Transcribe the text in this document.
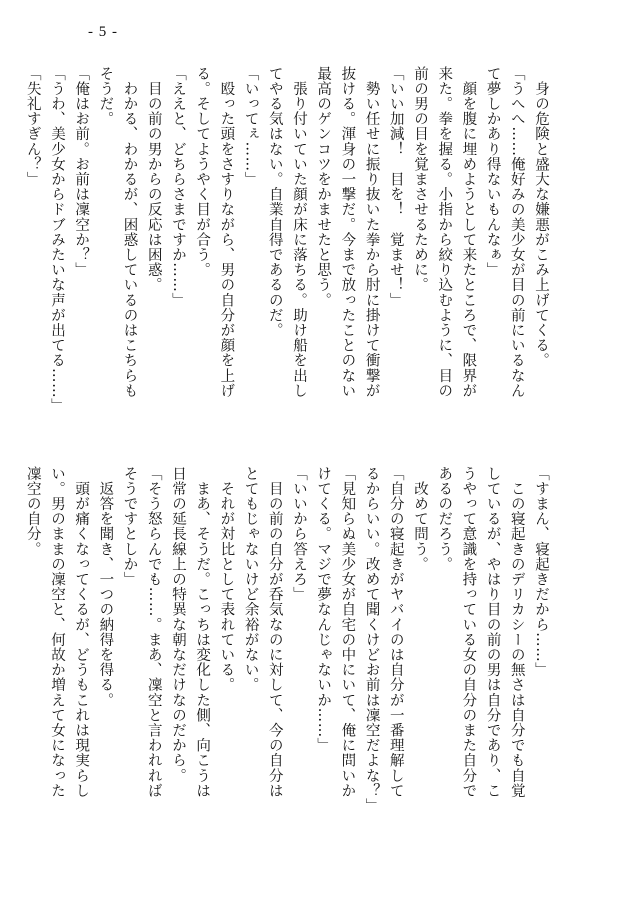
- 5 -
　身の危険と盛大な嫌悪がこみ上げてくる。
「うへへ……俺好みの美少女が目の前にいるなん
て夢しかあり得ないもんなぁ」
　顔を腹に埋めようとして来たところで、限界が
来た。拳を握る。小指から絞り込むように、目の
前の男の目を覚まさせるために。
「いい加減！　目を！　覚ませ！」
　勢い任せに振り抜いた拳から肘に掛けて衝撃が
抜ける。渾身の一撃だ。今まで放ったことのない
最高のゲンコツをかませたと思う。
　張り付いていた顔が床に落ちる。助け船を出し
てやる気はない。自業自得であるのだ。
「いってぇ……」
　殴った頭をさすりながら、男の自分が顔を上げ
る。そしてようやく目が合う。
「ええと、どちらさまですか……」
　目の前の男からの反応は困惑。
　わかる、わかるが、困惑しているのはこちらも
そうだ。
「俺はお前。お前は凜空か？」
「うわ、美少女からドブみたいな声が出てる……」
「失礼すぎん？」
「すまん、寝起きだから……」
　この寝起きのデリカシーの無さは自分でも自覚
しているが、やはり目の前の男は自分であり、こ
うやって意識を持っている女の自分のまた自分で
あるのだろう。
　改めて問う。
「自分の寝起きがヤバイのは自分が一番理解して
るからいい。改めて聞くけどお前は凜空だよな？」
「見知らぬ美少女が自宅の中にいて、俺に問いか
けてくる。マジで夢なんじゃないか……」
「いいから答えろ」
　目の前の自分が呑気なのに対して、今の自分は
とてもじゃないけど余裕がない。
　それが対比として表れている。
　まあ、そうだ。こっちは変化した側、向こうは
日常の延長線上の特異な朝なだけなのだから。
「そう怒らんでも……。まあ、凜空と言われれば
そうですとしか」
　返答を聞き、一つの納得を得る。
　頭が痛くなってくるが、どうもこれは現実らし
い。男のままの凜空と、何故か増えて女になった
凜空の自分。
